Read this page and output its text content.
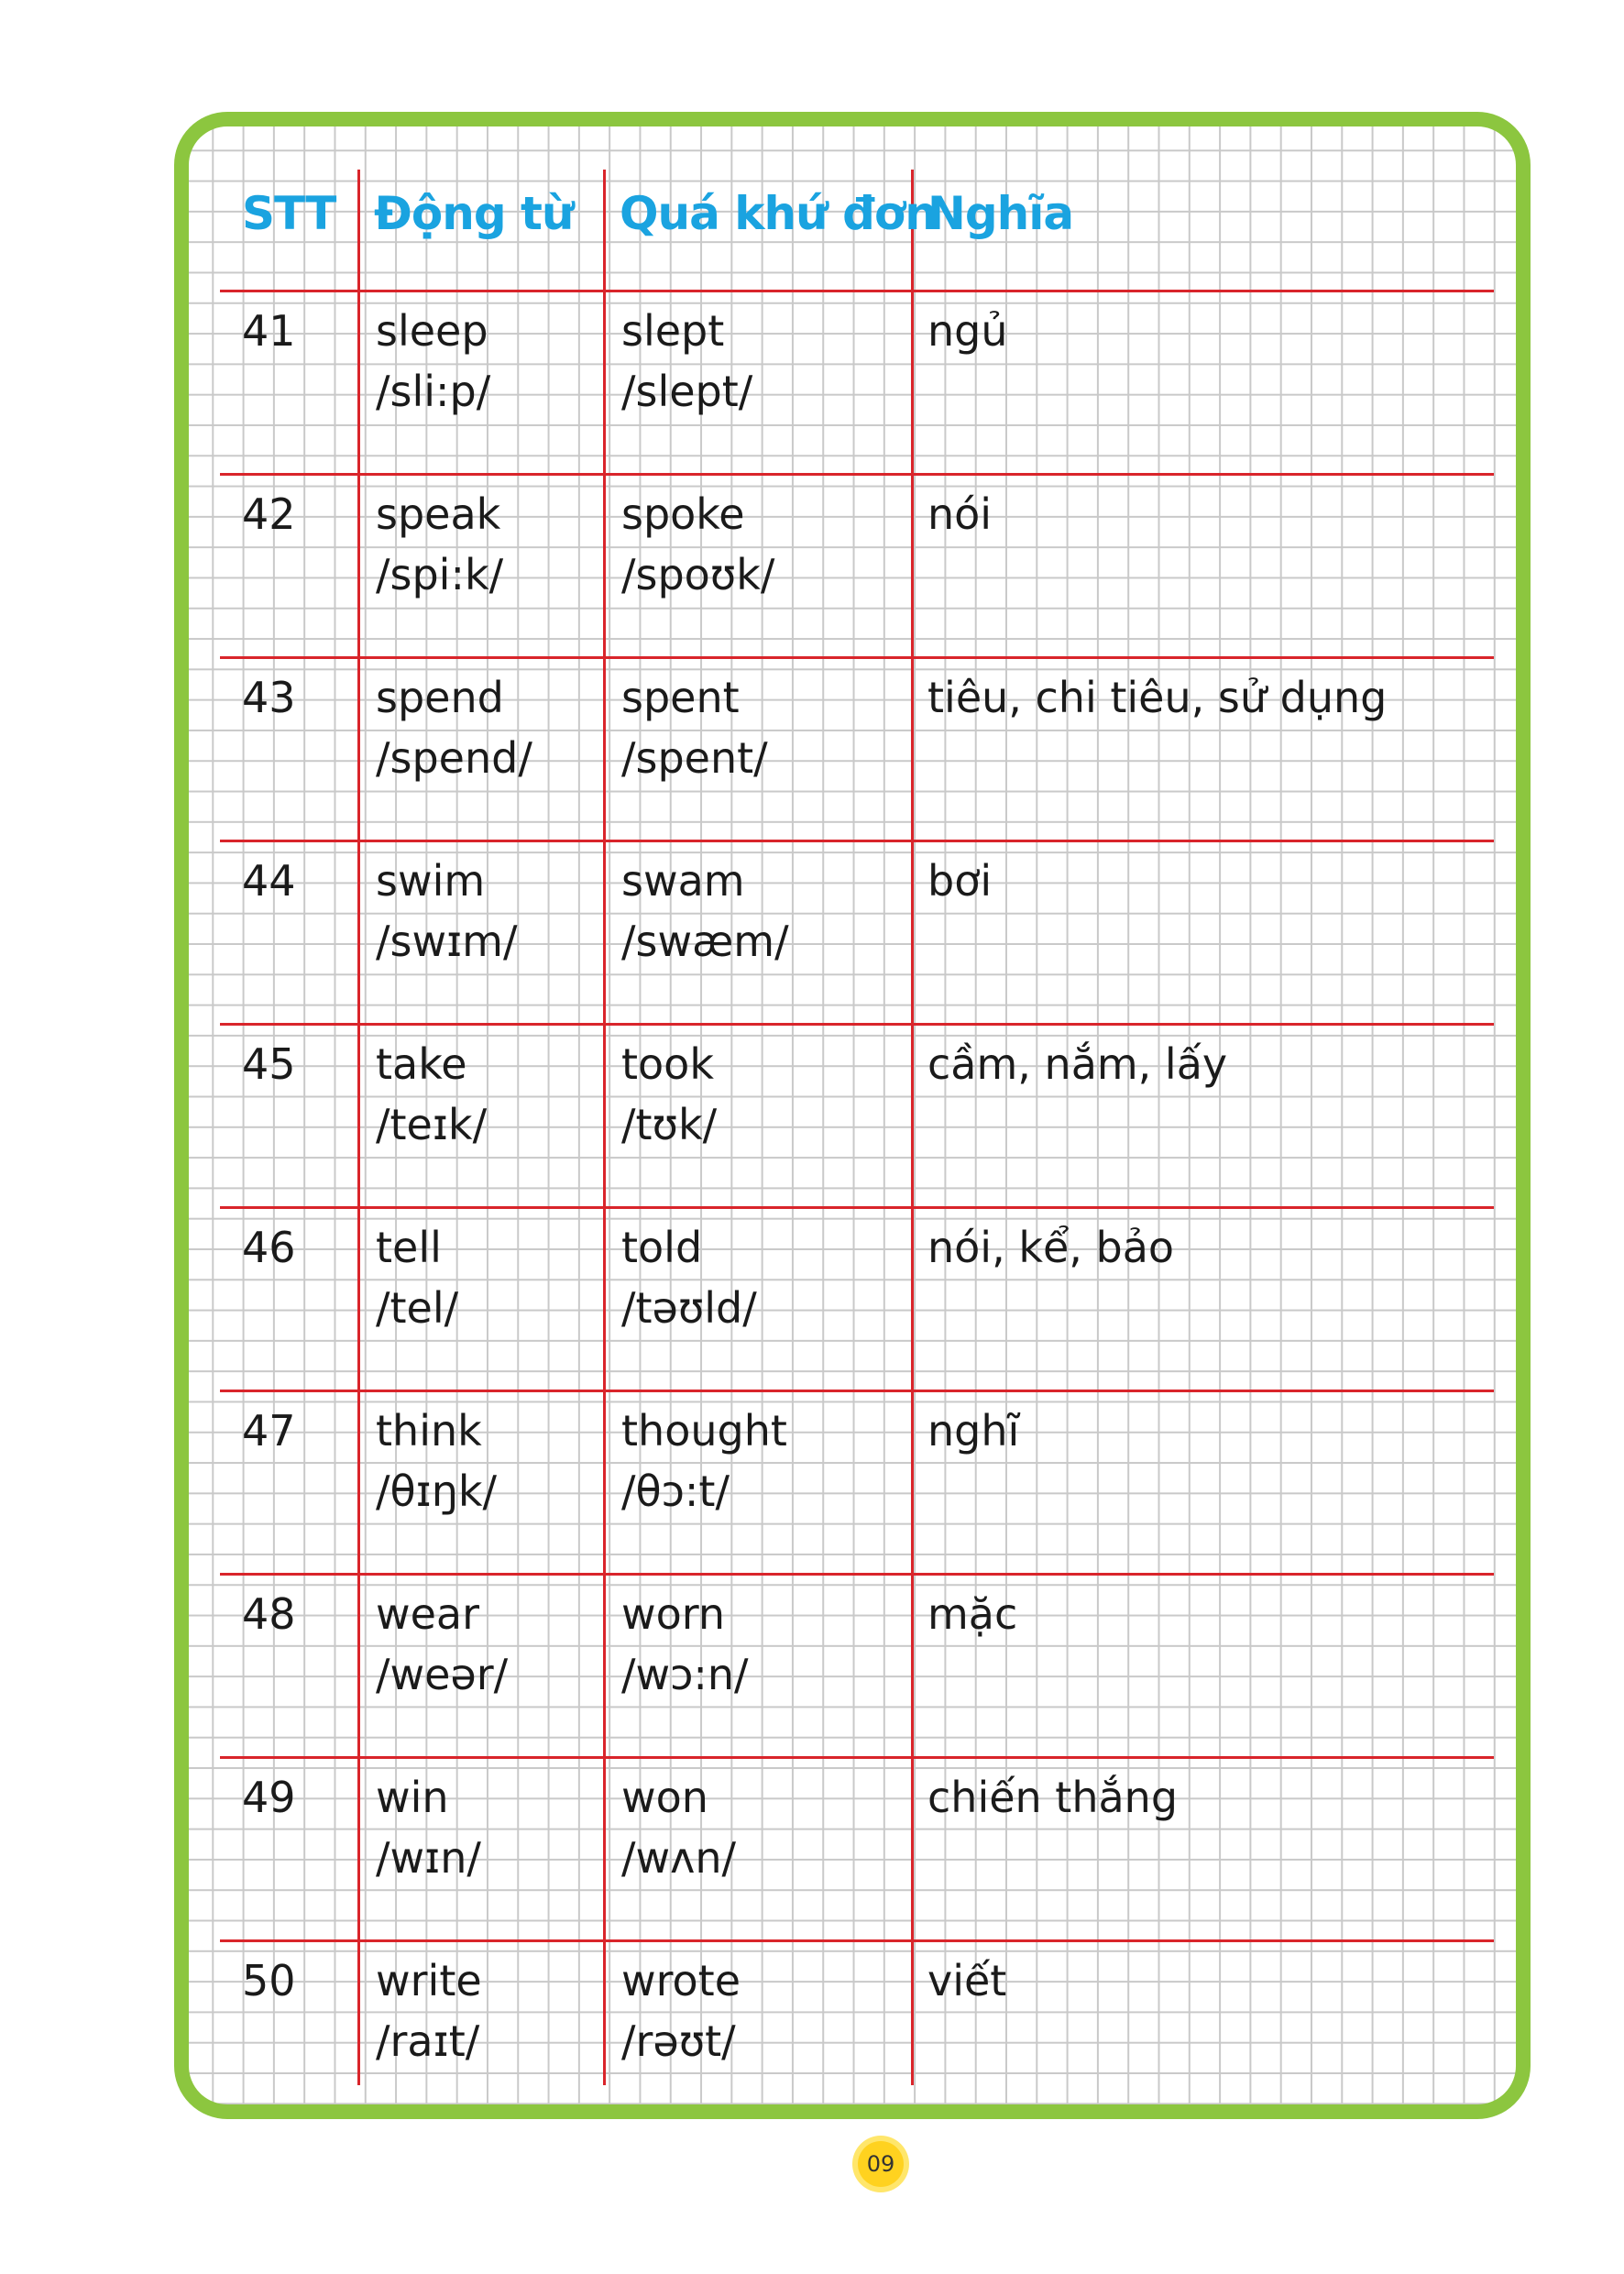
STT Động từ Quá khứ đơn
Nghĩa
41 sleep
/sli:p/
slept
/slept/
ngủ
42 speak
/spi:k/
spoke
/spoʊk/
nói
43 spend
/spend/
spent
/spent/
tiêu, chi tiêu, sử dụng
44 swim
/swɪm/
swam
/swæm/
bơi
45 take
/teɪk/
took
/tʊk/
cầm, nắm, lấy
46 tell
/tel/
told
/təʊld/
nói, kể, bảo
47 think
/θɪŋk/
thought
/θɔ:t/
nghĩ
48 wear
/weər/
worn
/wɔ:n/
mặc
49 win
/wɪn/
won
/wʌn/
chiến thắng
50 write
/raɪt/
wrote
/rəʊt/
viết
09
